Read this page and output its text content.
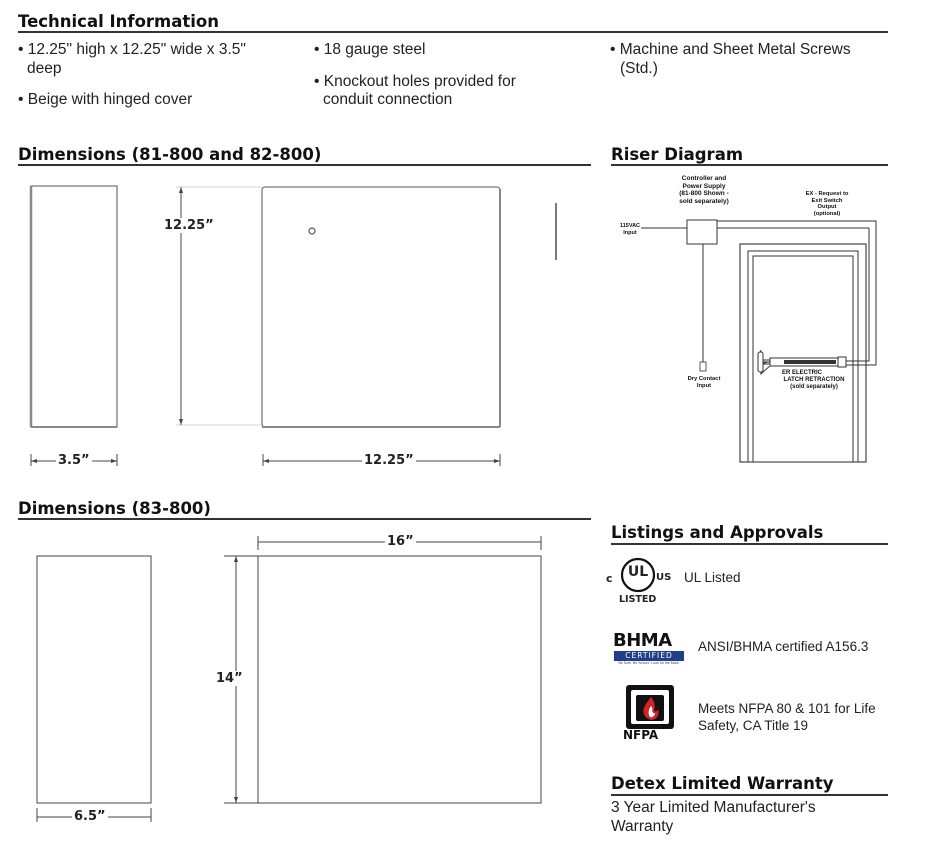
Technical Information
• 12.25" high x 12.25" wide x 3.5"
deep
• Beige with hinged cover
• 18 gauge steel
• Knockout holes provided for
conduit connection
• Machine and Sheet Metal Screws
(Std.)
Dimensions (81-800 and 82-800)
12.25”
3.5”	12.25”
Riser Diagram
Controller and
Power Supply
(81-800 Shown -
sold separately)
115VAC
Input
EX - Request to
Exit Switch
Output
(optional)
Dry Contact
Input
ER ELECTRIC
LATCH RETRACTION
(sold separately)
Dimensions (83-800)
16”
14”
6.5”
Listings and Approvals
c UL US
LISTED
UL Listed
BHMA
CERTIFIED
Be Sure. Be Secure. Look for the Mark.
ANSI/BHMA certified A156.3
NFPA
Meets NFPA 80 & 101 for Life
Safety, CA Title 19
Detex Limited Warranty
3 Year Limited Manufacturer's
Warranty
